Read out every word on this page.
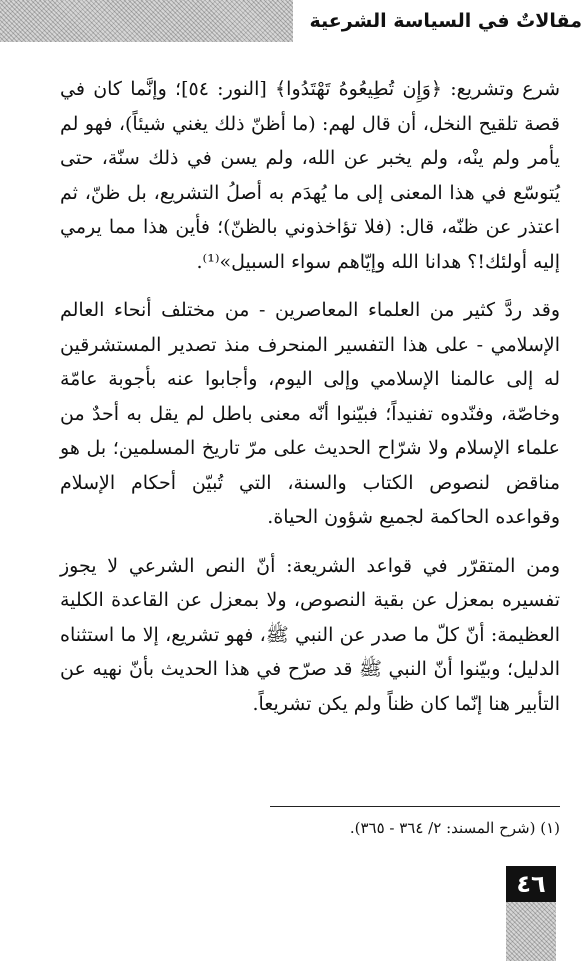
مقالاتٌ في السياسة الشرعية

شرع وتشريع: ﴿وَإِن تُطِيعُوهُ تَهْتَدُوا﴾ [النور: ٥٤]؛ وإنَّما كان في قصة تلقيح النخل، أن قال لهم: (ما أظنّ ذلك يغني شيئاً)، فهو لم يأمر ولم ينْه، ولم يخبر عن الله، ولم يسن في ذلك سنّة، حتى يُتوسّع في هذا المعنى إلى ما يُهدَم به أصلُ التشريع، بل ظنّ، ثم اعتذر عن ظنّه، قال: (فلا تؤاخذوني بالظنّ)؛ فأين هذا مما يرمي إليه أولئك!؟ هدانا الله وإيّاهم سواء السبيل»⁽¹⁾.

وقد ردَّ كثير من العلماء المعاصرين - من مختلف أنحاء العالم الإسلامي - على هذا التفسير المنحرف منذ تصدير المستشرقين له إلى عالمنا الإسلامي وإلى اليوم، وأجابوا عنه بأجوبة عامّة وخاصّة، وفنّدوه تفنيداً؛ فبيّنوا أنّه معنى باطل لم يقل به أحدٌ من علماء الإسلام ولا شرّاح الحديث على مرّ تاريخ المسلمين؛ بل هو مناقض لنصوص الكتاب والسنة، التي تُبيّن أحكام الإسلام وقواعده الحاكمة لجميع شؤون الحياة.

ومن المتقرّر في قواعد الشريعة: أنّ النص الشرعي لا يجوز تفسيره بمعزل عن بقية النصوص، ولا بمعزل عن القاعدة الكلية العظيمة: أنّ كلّ ما صدر عن النبي ﷺ، فهو تشريع، إلا ما استثناه الدليل؛ وبيّنوا أنّ النبي ﷺ قد صرّح في هذا الحديث بأنّ نهيه عن التأبير هنا إنّما كان ظناً ولم يكن تشريعاً.

(١) (شرح المسند: ٢/ ٣٦٤ - ٣٦٥).
٤٦
